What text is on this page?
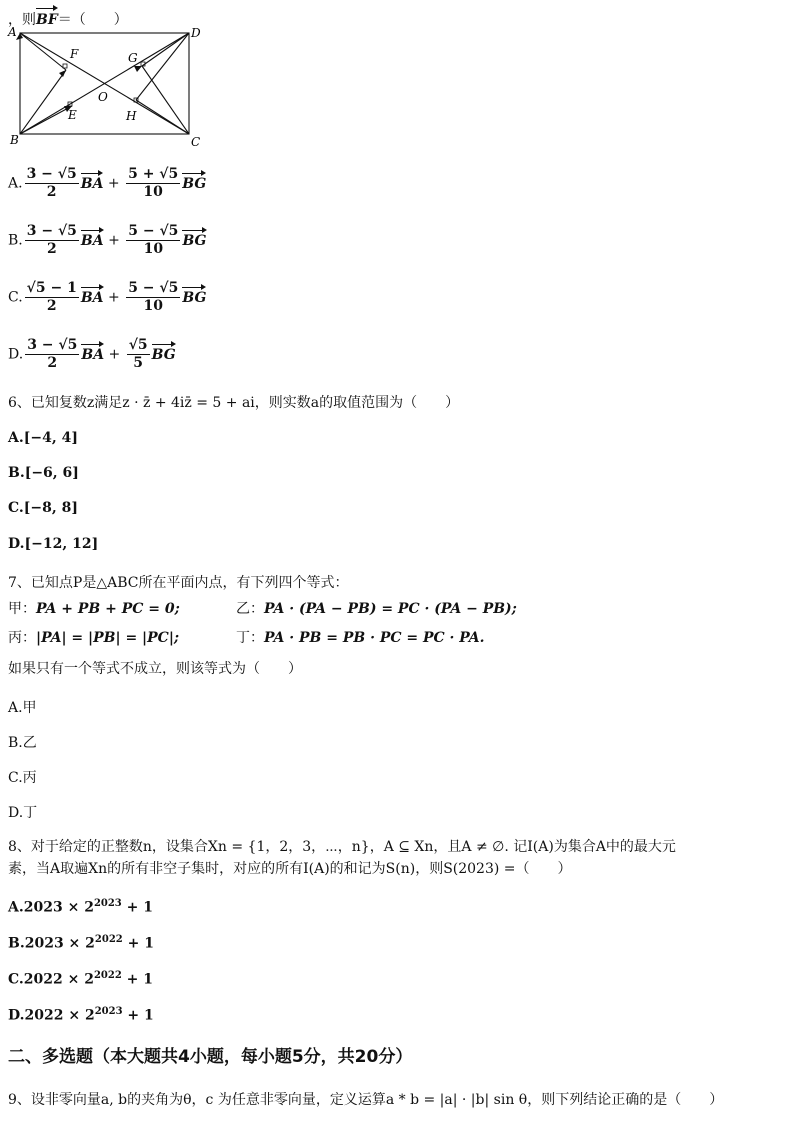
，则BF＝（　　）
A
B	C
D
E
F	G
H
O
A. $\frac{3 - √5}{2}$ BA + $\frac{5 + √5}{10}$ BG
B. $\frac{3 - √5}{2}$ BA + $\frac{5 - √5}{10}$ BG
C. $\frac{√5 - 1}{2}$ BA + $\frac{5 - √5}{10}$ BG
D. $\frac{3 - √5}{2}$ BA + $\frac{√5}{5}$ BG
6、已知复数z满足z · z̄ + 4iz̄ = 5 + ai，则实数a的取值范围为（　　）
A.[−4, 4]
B.[−6, 6]
C.[−8, 8]
D.[−12, 12]
7、已知点P是△ABC所在平面内点，有下列四个等式：
甲：PA + PB + PC = 0;	乙：PA · (PA − PB) = PC · (PA − PB);
丙：|PA| = |PB| = |PC|;	丁：PA · PB = PB · PC = PC · PA.
如果只有一个等式不成立，则该等式为（　　）
A.甲
B.乙
C.丙
D.丁
8、对于给定的正整数n，设集合Xn = {1，2，3，⋯，n}，A ⊆ Xn，且A ≠ ∅. 记I(A)为集合A中的最大元
素，当A取遍Xn的所有非空子集时，对应的所有I(A)的和记为S(n)，则S(2023) =（　　）
$A.2023 \times 2^{2023} + 1$
$B.2023 \times 2^{2022} + 1$
$C.2022 \times 2^{2022} + 1$
$D.2022 \times 2^{2023} + 1$
二、多选题（本大题共4小题，每小题5分，共20分）
9、设非零向量a, b的夹角为θ，c 为任意非零向量，定义运算a * b = |a| · |b| sin θ，则下列结论正确的是（　　）
